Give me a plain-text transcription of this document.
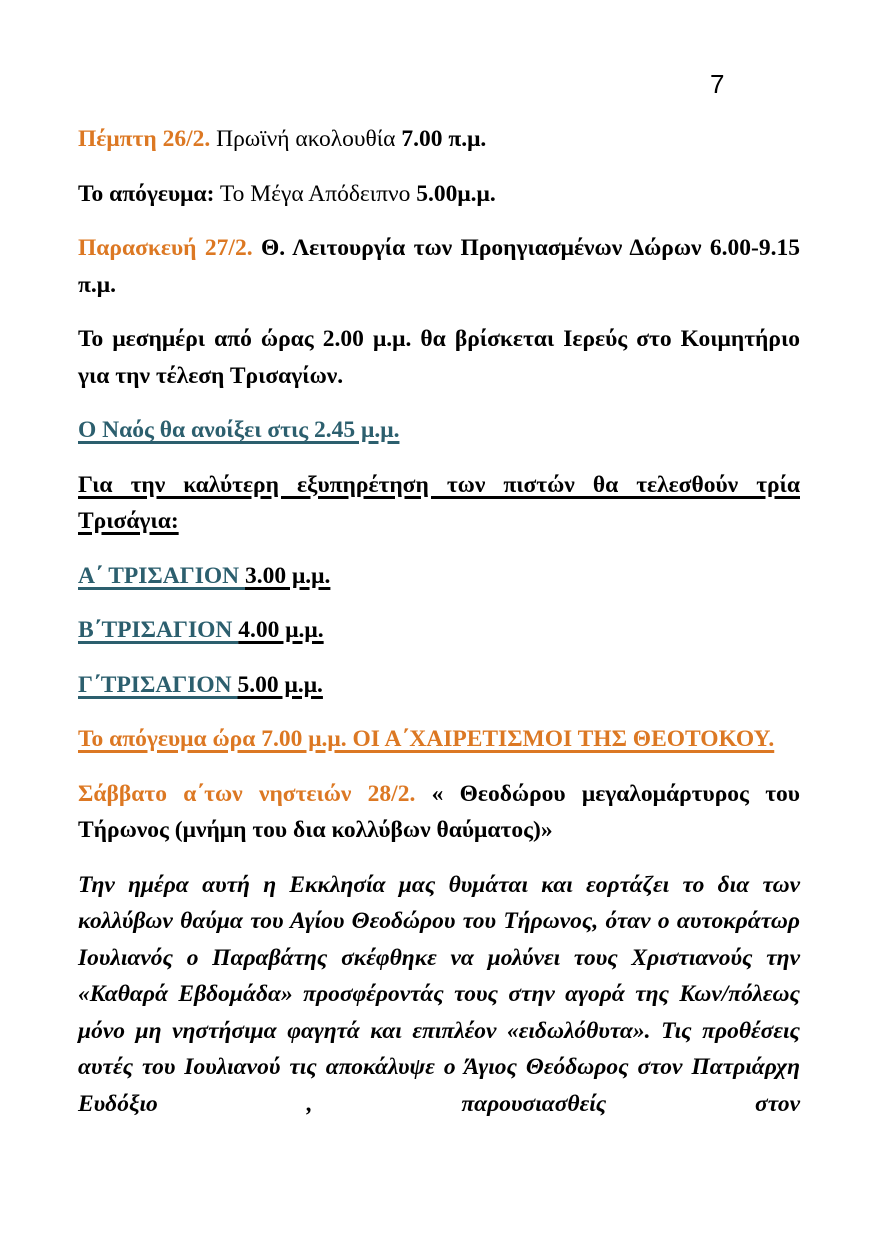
7

Πέμπτη 26/2. Πρωϊνή ακολουθία 7.00 π.μ.

Το απόγευμα: Το Μέγα Απόδειπνο 5.00μ.μ.

Παρασκευή 27/2. Θ. Λειτουργία των Προηγιασμένων Δώρων 6.00-9.15 π.μ.

Το μεσημέρι από ώρας 2.00 μ.μ. θα βρίσκεται Ιερεύς στο Κοιμητήριο για την τέλεση Τρισαγίων.

Ο Ναός θα ανοίξει στις 2.45 μ.μ.

Για την καλύτερη εξυπηρέτηση των πιστών θα τελεσθούν τρία Τρισάγια:

Α΄ ΤΡΙΣΑΓΙΟΝ 3.00 μ.μ.

Β΄ΤΡΙΣΑΓΙΟΝ 4.00 μ.μ.

Γ΄ΤΡΙΣΑΓΙΟΝ 5.00 μ.μ.

Το απόγευμα ώρα 7.00 μ.μ. ΟΙ Α΄ΧΑΙΡΕΤΙΣΜΟΙ ΤΗΣ ΘΕΟΤΟΚΟΥ.

Σάββατο α΄των νηστειών 28/2. « Θεοδώρου μεγαλομάρτυρος του Τήρωνος (μνήμη του δια κολλύβων θαύματος)»

Την ημέρα αυτή η Εκκλησία μας θυμάται και εορτάζει το δια των κολλύβων θαύμα του Αγίου Θεοδώρου του Τήρωνος, όταν ο αυτοκράτωρ Ιουλιανός ο Παραβάτης σκέφθηκε να μολύνει τους Χριστιανούς την «Καθαρά Εβδομάδα» προσφέροντάς τους στην αγορά της Κων/πόλεως μόνο μη νηστήσιμα φαγητά και επιπλέον «ειδωλόθυτα». Τις προθέσεις αυτές του Ιουλιανού τις αποκάλυψε ο Άγιος Θεόδωρος στον Πατριάρχη Ευδόξιο , παρουσιασθείς στον
